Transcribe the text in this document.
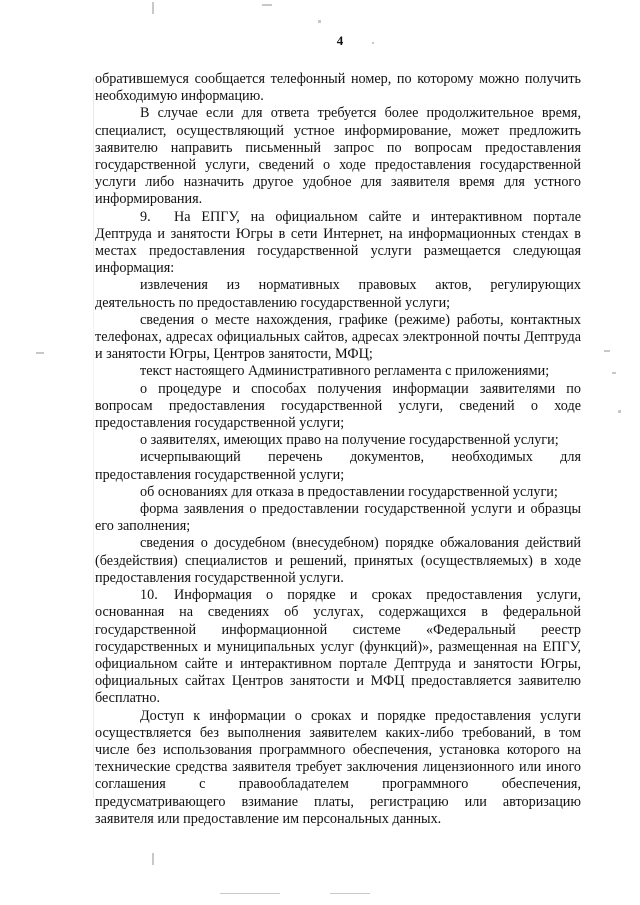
4

обратившемуся сообщается телефонный номер, по которому можно получить необходимую информацию.

В случае если для ответа требуется более продолжительное время, специалист, осуществляющий устное информирование, может предложить заявителю направить письменный запрос по вопросам предоставления государственной услуги, сведений о ходе предоставления государственной услуги либо назначить другое удобное для заявителя время для устного информирования.

9. На ЕПГУ, на официальном сайте и интерактивном портале Дептруда и занятости Югры в сети Интернет, на информационных стендах в местах предоставления государственной услуги размещается следующая информация:

извлечения из нормативных правовых актов, регулирующих деятельность по предоставлению государственной услуги;

сведения о месте нахождения, графике (режиме) работы, контактных телефонах, адресах официальных сайтов, адресах электронной почты Дептруда и занятости Югры, Центров занятости, МФЦ;

текст настоящего Административного регламента с приложениями;

о процедуре и способах получения информации заявителями по вопросам предоставления государственной услуги, сведений о ходе предоставления государственной услуги;

о заявителях, имеющих право на получение государственной услуги;

исчерпывающий перечень документов, необходимых для предоставления государственной услуги;

об основаниях для отказа в предоставлении государственной услуги;

форма заявления о предоставлении государственной услуги и образцы его заполнения;

сведения о досудебном (внесудебном) порядке обжалования действий (бездействия) специалистов и решений, принятых (осуществляемых) в ходе предоставления государственной услуги.

10. Информация о порядке и сроках предоставления услуги, основанная на сведениях об услугах, содержащихся в федеральной государственной информационной системе «Федеральный реестр государственных и муниципальных услуг (функций)», размещенная на ЕПГУ, официальном сайте и интерактивном портале Дептруда и занятости Югры, официальных сайтах Центров занятости и МФЦ предоставляется заявителю бесплатно.

Доступ к информации о сроках и порядке предоставления услуги осуществляется без выполнения заявителем каких-либо требований, в том числе без использования программного обеспечения, установка которого на технические средства заявителя требует заключения лицензионного или иного соглашения с правообладателем программного обеспечения, предусматривающего взимание платы, регистрацию или авторизацию заявителя или предоставление им персональных данных.
